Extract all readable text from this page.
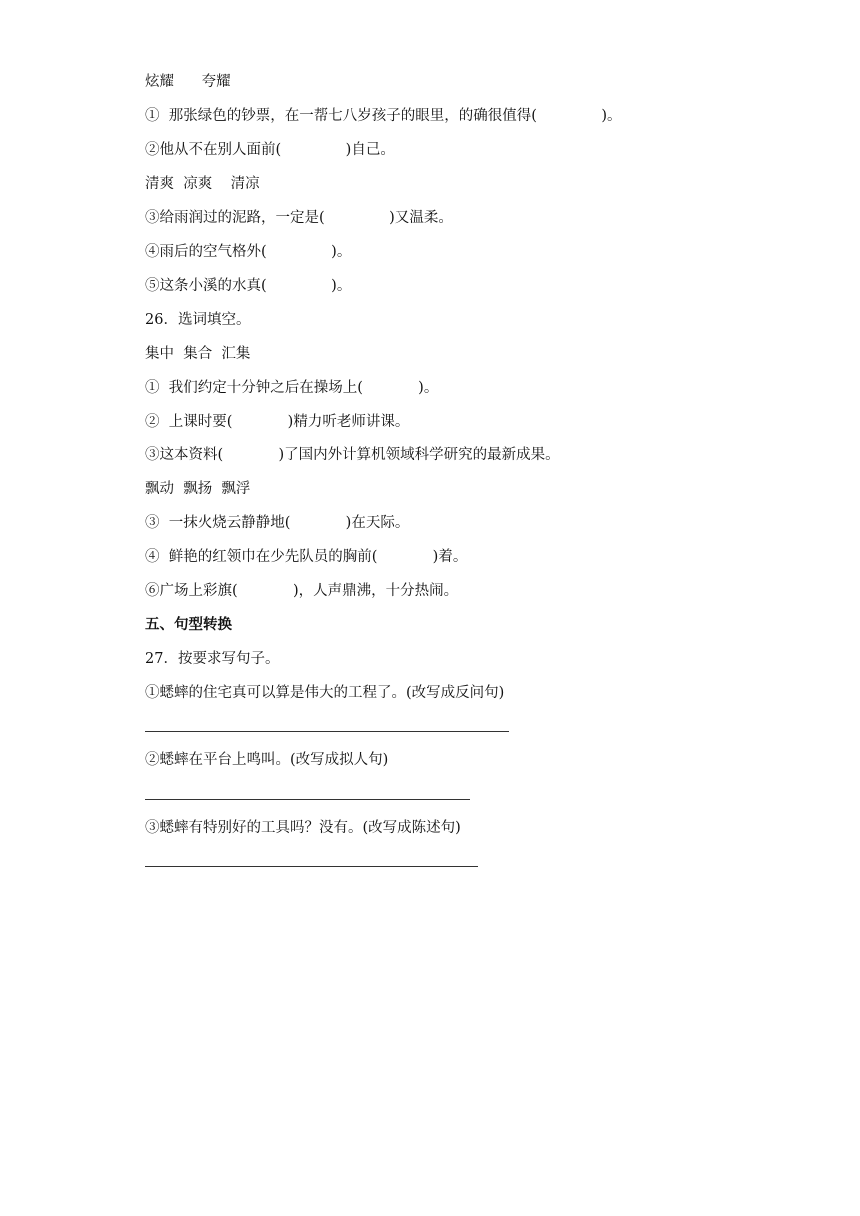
炫耀      夸耀

①  那张绿色的钞票，在一帮七八岁孩子的眼里，的确很值得(              )。

②他从不在别人面前(              )自己。

清爽  凉爽    清凉

③给雨润过的泥路，一定是(              )又温柔。

④雨后的空气格外(              )。

⑤这条小溪的水真(              )。

26．选词填空。

集中  集合  汇集

①  我们约定十分钟之后在操场上(            )。

②  上课时要(            )精力听老师讲课。

③这本资料(            )了国内外计算机领域科学研究的最新成果。

飘动  飘扬  飘浮

③  一抹火烧云静静地(            )在天际。

④  鲜艳的红领巾在少先队员的胸前(            )着。

⑥广场上彩旗(            )，人声鼎沸，十分热闹。

五、句型转换

27．按要求写句子。

①蟋蟀的住宅真可以算是伟大的工程了。(改写成反问句)

②蟋蟀在平台上鸣叫。(改写成拟人句)

③蟋蟀有特别好的工具吗？没有。(改写成陈述句)
